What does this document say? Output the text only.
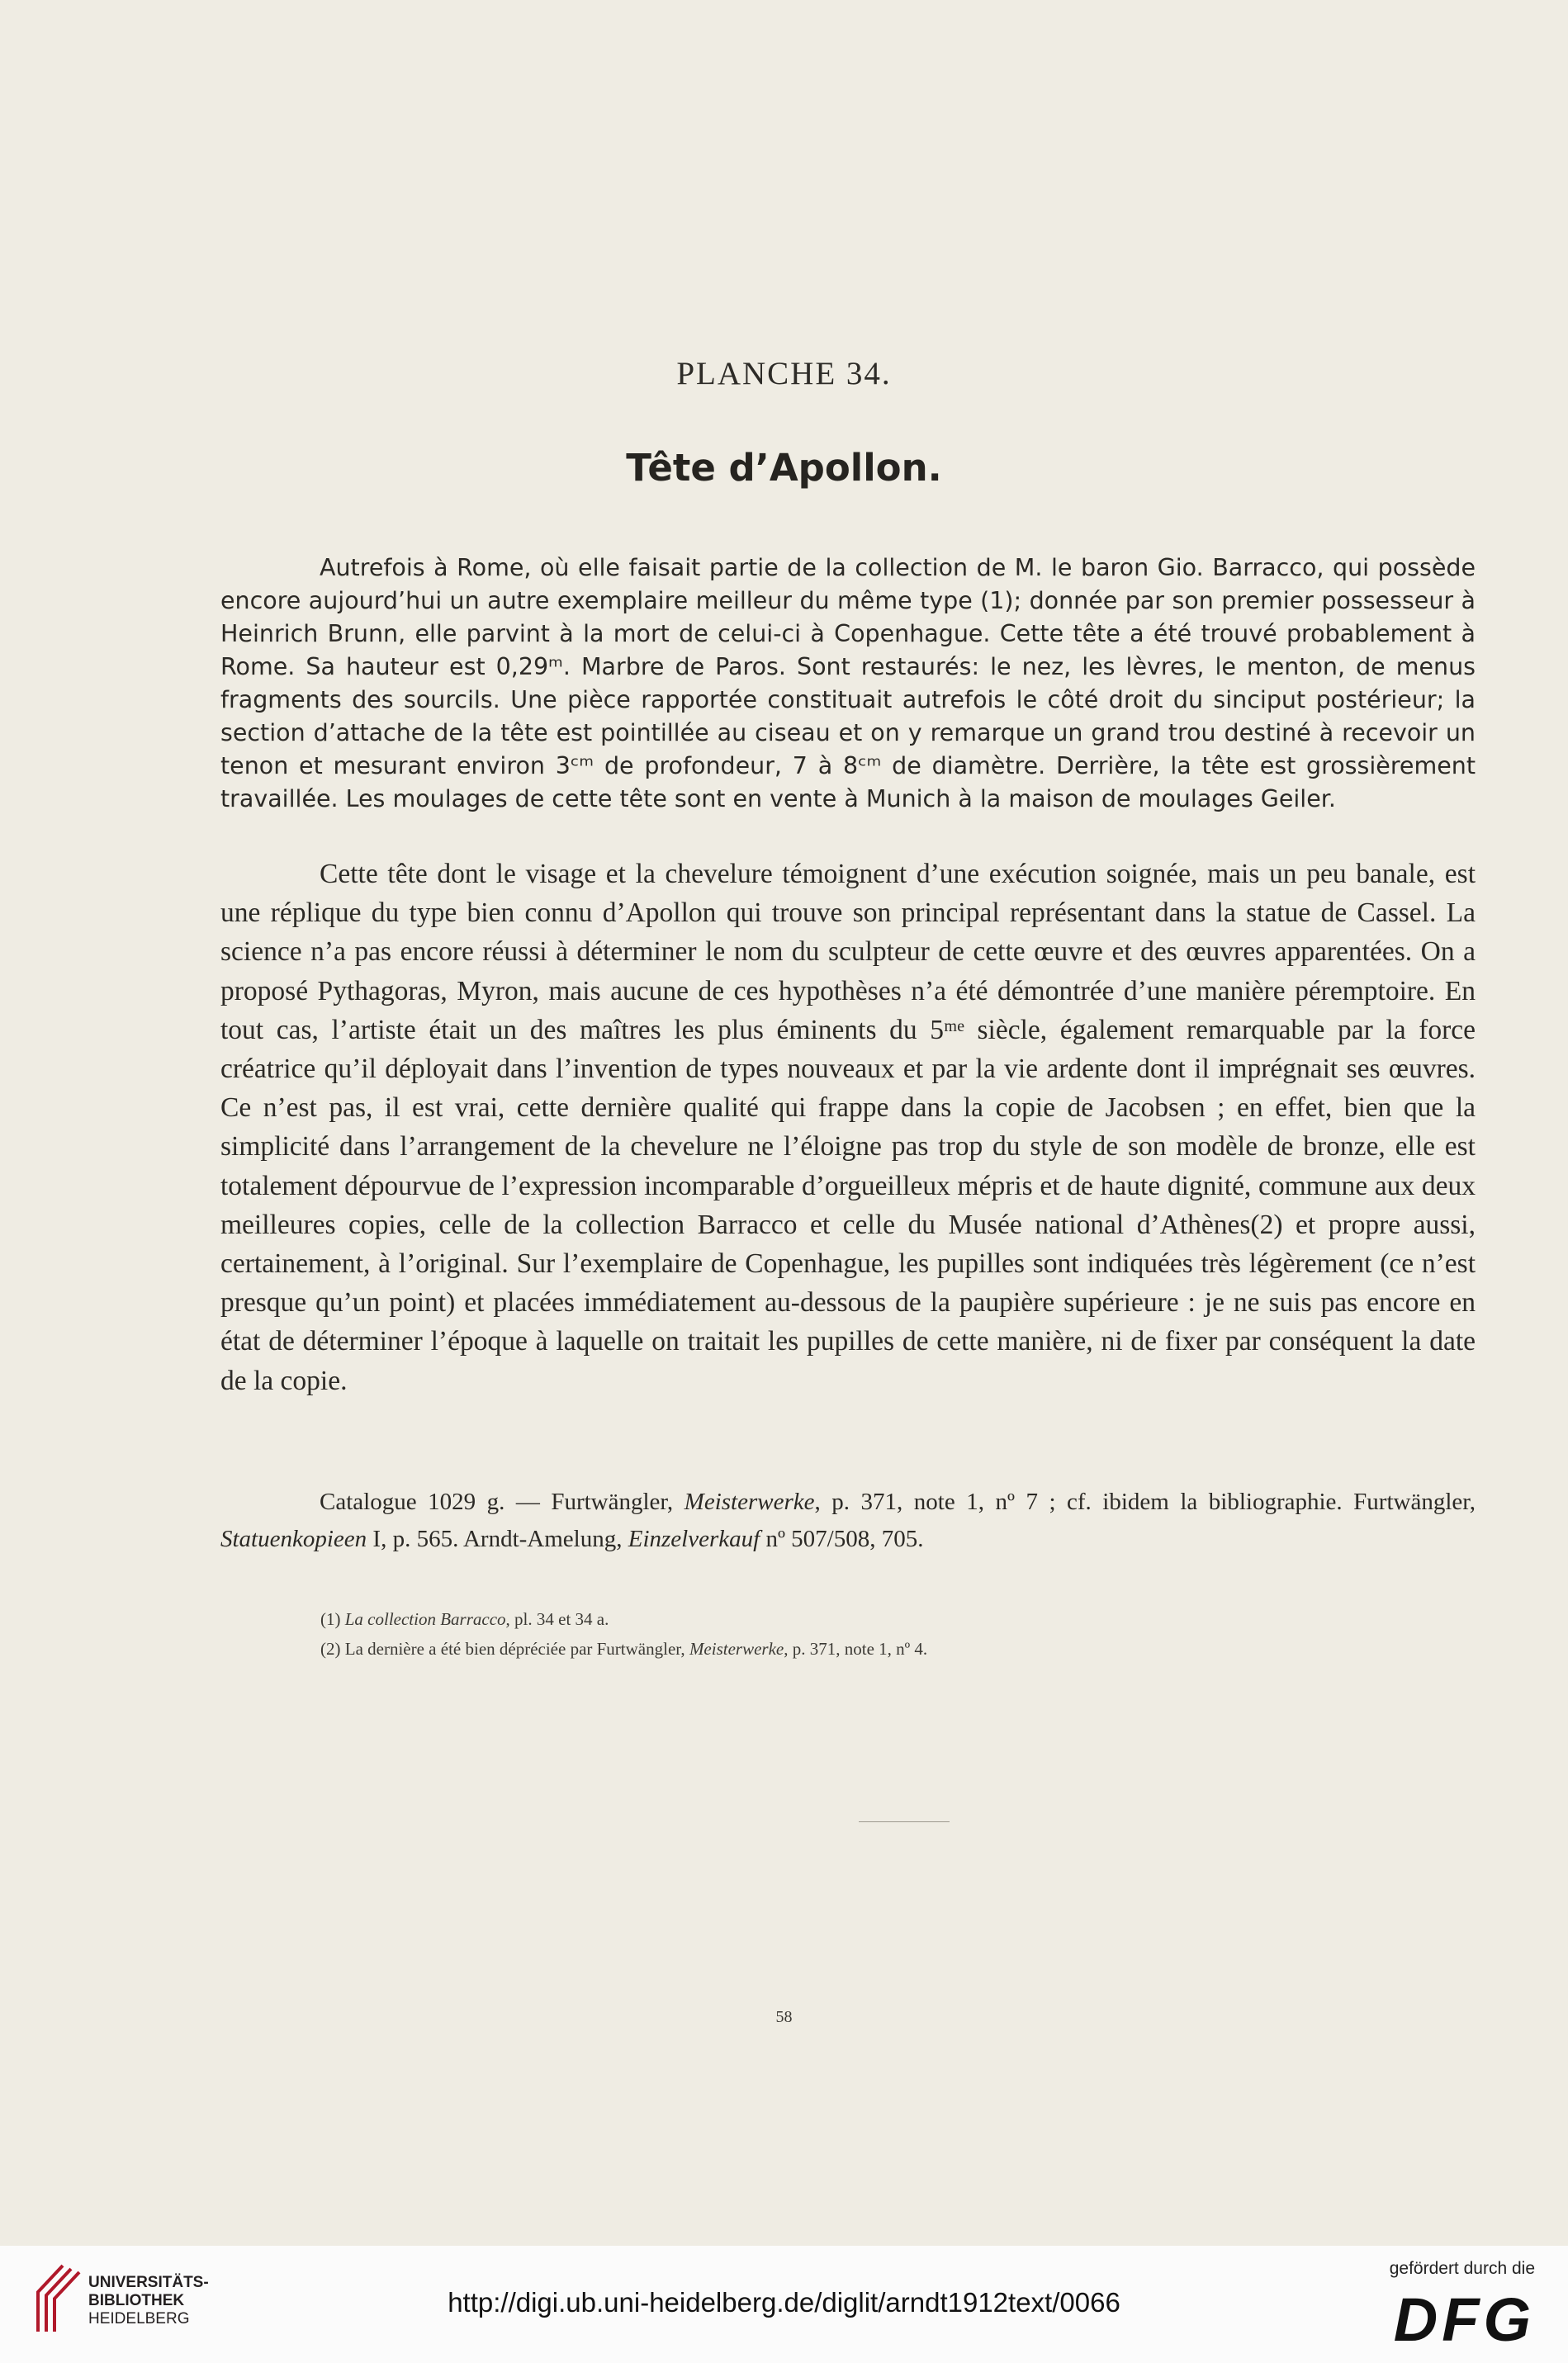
PLANCHE 34.
Tête d’Apollon.

Autrefois à Rome, où elle faisait partie de la collection de M. le baron Gio. Barracco, qui possède encore aujourd’hui un autre exemplaire meilleur du même type (1); donnée par son premier possesseur à Heinrich Brunn, elle parvint à la mort de celui-ci à Copenhague. Cette tête a été trouvé probablement à Rome. Sa hauteur est 0,29ᵐ. Marbre de Paros. Sont restaurés: le nez, les lèvres, le menton, de menus fragments des sourcils. Une pièce rapportée constituait autrefois le côté droit du sinciput postérieur; la section d’attache de la tête est pointillée au ciseau et on y remarque un grand trou destiné à recevoir un tenon et mesurant environ 3ᶜᵐ de profondeur, 7 à 8ᶜᵐ de diamètre. Derrière, la tête est grossièrement travaillée. Les moulages de cette tête sont en vente à Munich à la maison de moulages Geiler.

Cette tête dont le visage et la chevelure témoignent d’une exécution soignée, mais un peu banale, est une réplique du type bien connu d’Apollon qui trouve son principal représentant dans la statue de Cassel. La science n’a pas encore réussi à déterminer le nom du sculpteur de cette œuvre et des œuvres apparentées. On a proposé Pythagoras, Myron, mais aucune de ces hypothèses n’a été démontrée d’une manière péremptoire. En tout cas, l’artiste était un des maîtres les plus éminents du 5ᵐᵉ siècle, également remarquable par la force créatrice qu’il déployait dans l’invention de types nouveaux et par la vie ardente dont il imprégnait ses œuvres. Ce n’est pas, il est vrai, cette dernière qualité qui frappe dans la copie de Jacobsen ; en effet, bien que la simplicité dans l’arrangement de la chevelure ne l’éloigne pas trop du style de son modèle de bronze, elle est totalement dépourvue de l’expression incomparable d’orgueilleux mépris et de haute dignité, commune aux deux meilleures copies, celle de la collection Barracco et celle du Musée national d’Athènes(2) et propre aussi, certainement, à l’original. Sur l’exemplaire de Copenhague, les pupilles sont indiquées très légèrement (ce n’est presque qu’un point) et placées immédiatement au-dessous de la paupière supérieure : je ne suis pas encore en état de déterminer l’époque à laquelle on traitait les pupilles de cette manière, ni de fixer par conséquent la date de la copie.

Catalogue 1029 g. — Furtwängler, Meisterwerke, p. 371, note 1, nº 7 ; cf. ibidem la bibliographie. Furtwängler, Statuenkopieen I, p. 565. Arndt-Amelung, Einzelverkauf nº 507/508, 705.

(1) La collection Barracco, pl. 34 et 34 a.
(2) La dernière a été bien dépréciée par Furtwängler, Meisterwerke, p. 371, note 1, nº 4.
58
UNIVERSITÄTS-
BIBLIOTHEK
HEIDELBERG
http://digi.ub.uni-heidelberg.de/diglit/arndt1912text/0066
gefördert durch die
DFG
